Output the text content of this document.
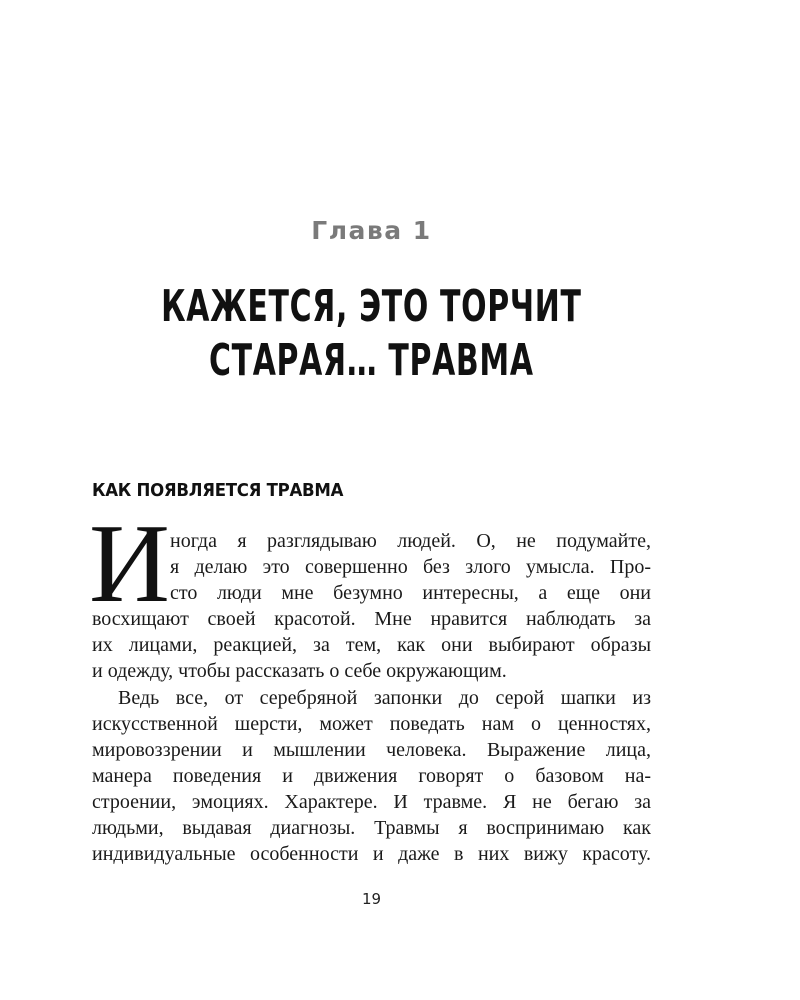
Глава 1
КАЖЕТСЯ, ЭТО ТОРЧИТ
СТАРАЯ… ТРАВМА
КАК ПОЯВЛЯЕТСЯ ТРАВМА
И ногда я разглядываю людей. О, не подумайте,
я делаю это совершенно без злого умысла. Про-
сто люди мне безумно интересны, а еще они
восхищают своей красотой. Мне нравится наблюдать за
их лицами, реакцией, за тем, как они выбирают образы
и одежду, чтобы рассказать о себе окружающим.
Ведь все, от серебряной запонки до серой шапки из
искусственной шерсти, может поведать нам о ценностях,
мировоззрении и мышлении человека. Выражение лица,
манера поведения и движения говорят о базовом на-
строении, эмоциях. Характере. И травме. Я не бегаю за
людьми, выдавая диагнозы. Травмы я воспринимаю как
индивидуальные особенности и даже в них вижу красоту.
19
